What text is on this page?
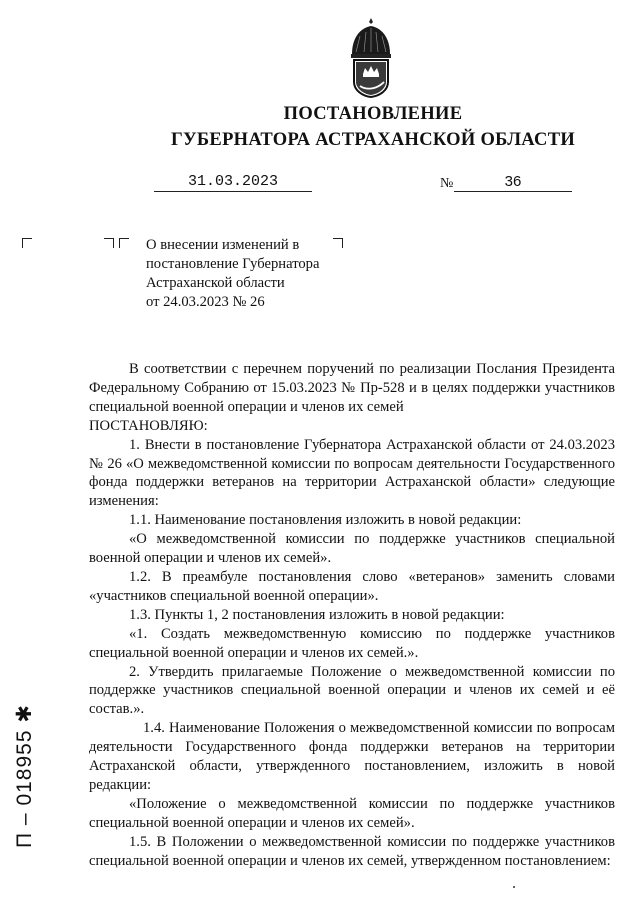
ПОСТАНОВЛЕНИЕ
ГУБЕРНАТОРА АСТРАХАНСКОЙ ОБЛАСТИ
31.03.2023	№	36
О внесении изменений в
постановление Губернатора
Астраханской области
от 24.03.2023 № 26

В соответствии с перечнем поручений по реализации Послания Президента Федеральному Собранию от 15.03.2023 № Пр-528 и в целях поддержки участников специальной военной операции и членов их семей

ПОСТАНОВЛЯЮ:

1. Внести в постановление Губернатора Астраханской области от 24.03.2023 № 26 «О межведомственной комиссии по вопросам деятельности Государственного фонда поддержки ветеранов на территории Астраханской области» следующие изменения:

1.1. Наименование постановления изложить в новой редакции:

«О межведомственной комиссии по поддержке участников специальной военной операции и членов их семей».

1.2. В преамбуле постановления слово «ветеранов» заменить словами «участников специальной военной операции».

1.3. Пункты 1, 2 постановления изложить в новой редакции:

«1. Создать межведомственную комиссию по поддержке участников специальной военной операции и членов их семей.».

2. Утвердить прилагаемые Положение о межведомственной комиссии по поддержке участников специальной военной операции и членов их семей и её состав.».

1.4. Наименование Положения о межведомственной комиссии по вопросам деятельности Государственного фонда поддержки ветеранов на территории Астраханской области, утвержденного постановлением, изложить в новой редакции:

«Положение о межведомственной комиссии по поддержке участников специальной военной операции и членов их семей».

1.5. В Положении о межведомственной комиссии по поддержке участников специальной военной операции и членов их семей, утвержденном постановлением:

П – 018955 ✱
